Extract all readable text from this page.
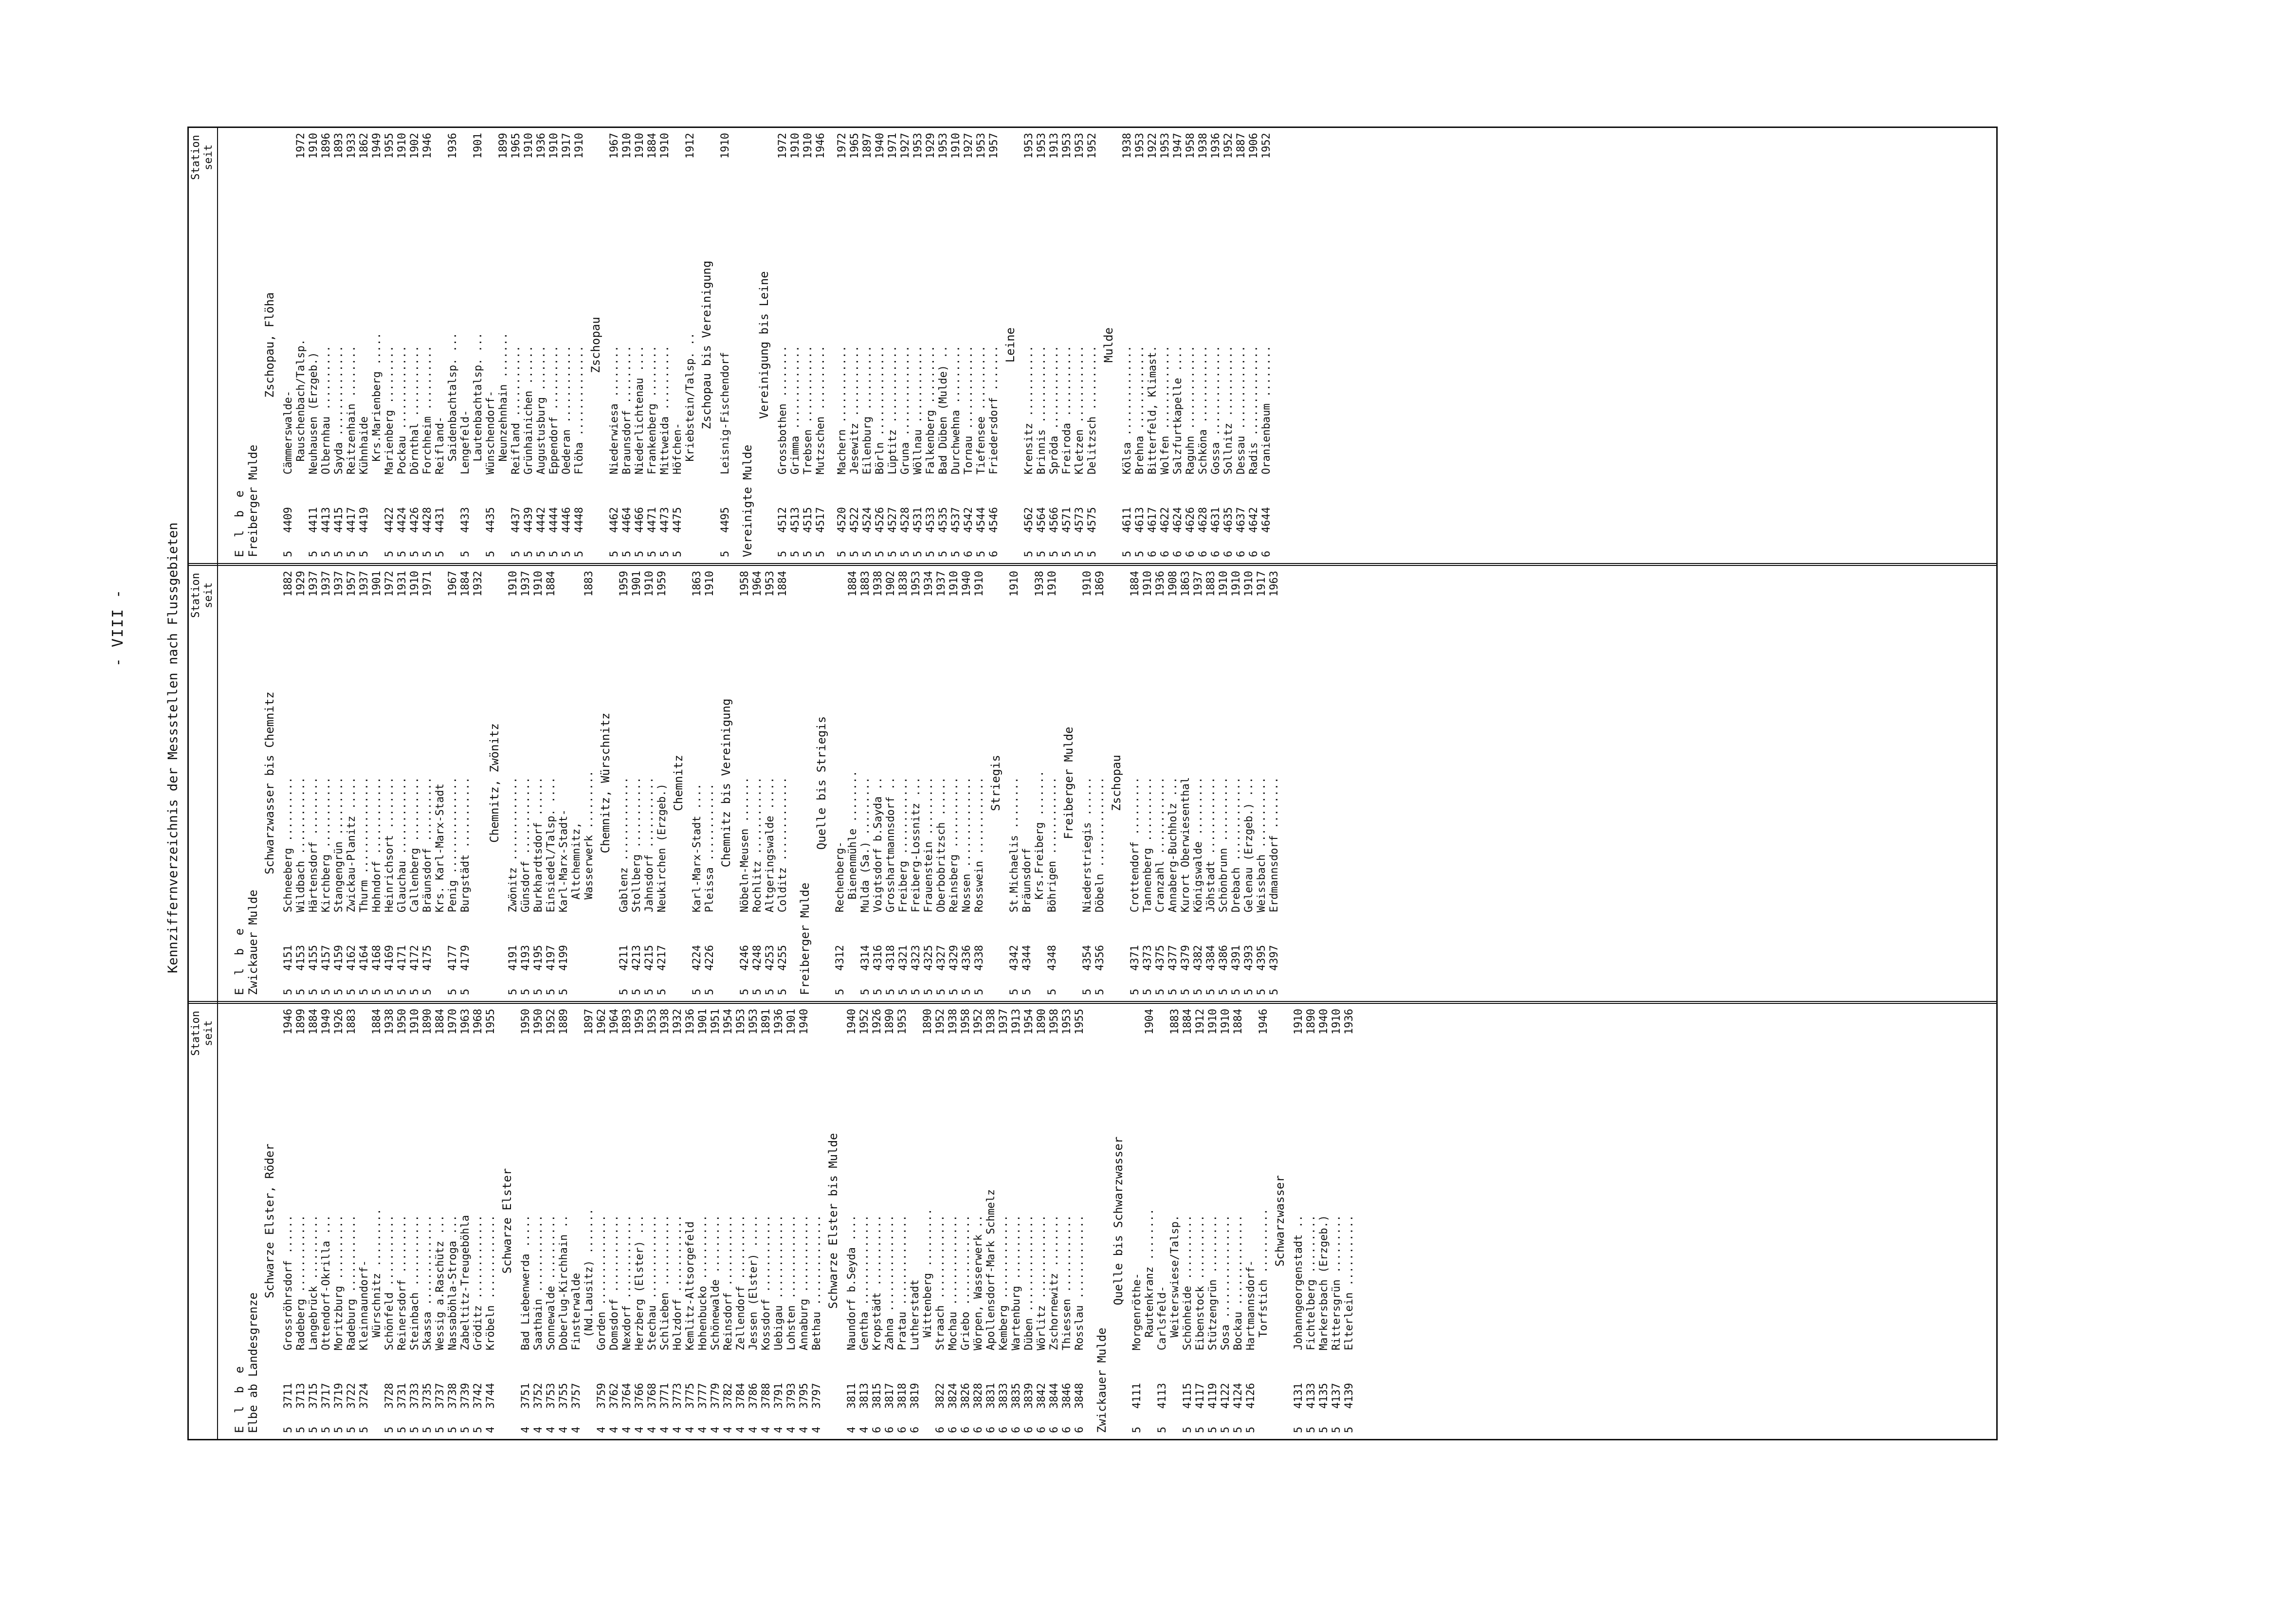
- VIII -	Kennziffernverzeichnis der Messstellen nach Flussgebieten
Station
seit
Station
seit
Station
seit
E l b e Elbe ab Landesgrenze
Schwarze Elster, Röder
5
3711
Grossröhrsdorf ......
1946
5
3713
Radeberg ............
1899
5
3715
Langebrück ..........
1884
5
3717
Ottendorf-Okrilla ...
1949
5
3719
Moritzburg ..........
1926
5
3722
Radeburg ............
1883
5
3724
Kleinnaundorf- Würschnitz .........
1884
5
3728
Schönfeld ...........
1938
5
3731
Reinersdorf .........
1950
5
3733
Steinbach ...........
1910
5
3735
Skassa ..............
1890
5
3737
Wessig a.Raschütz ...
1884
5
3738
Nassaböhla-Stroga ...
1970
5
3739
Zabeltitz-Treugeböhla
1963
5
3742
Gröditz .............
1968
4
3744
Kröbeln .............
1955
Schwarze Elster
4
3751
Bad Liebenwerda .....
1950
4
3752
Saathain ............
1950
4
3753
Sonnewalde ..........
1952
4
3755
Doberlug-Kirchhain ..
1889
4
3757
Finsterwalde (Nd.Lausitz) .......
1897
4
3759
Gorden ..............
1962
4
3762
Domsdorf ............
1964
4
3764
Nexdorf .............
1893
4
3766
Herzberg (Elster) ...
1959
4
3768
Stechau .............
1953
4
3771
Schlieben ...........
1938
4
3773
Holzdorf ............
1932
4
3775
Kemlitz-Altsorgefeld
1936
4
3777
Hohenbucko ..........
1901
4
3779
Schönewalde .........
1951
4
3782
Reinsdorf ...........
1954
4
3784
Zellendorf ..........
1953
4
3786
Jessen (Elster) .....
1953
4
3788
Kossdorf ............
1891
4
3791
Uebigau .............
1936
4
3793
Lohsten .............
1901
4
3795
Annaburg ............
1940
4
3797
Bethau .............. Schwarze Elster bis Mulde
4
3811
Naundorf b.Seyda ....
1940
4
3813
Gentha ..............
1952
6
3815
Kropstädt ...........
1926
6
3817
Zahna ...............
1890
6
3818
Pratau ..............
1953
6
3819
Lutherstadt Wittenberg .........
1890
6
3822
Straach .............
1952
6
3824
Mochau ..............
1938
6
3826
Griebo ..............
1958
6
3828
Wörpen, Wasserwerk ..
1952
6
3831
Apollensdorf-Mark Schmelz
1938
6
3833
Kemberg .............
1937
6
3835
Wartenburg ..........
1913
6
3839
Düben ...............
1954
6
3842
Wörlitz .............
1890
6
3844
Zschornewitz ........
1958
6
3846
Thiessen ............
1953
6
3848
Rosslau .............
1955
Zwickauer Mulde
Quelle bis Schwarzwasser
5
4111
Morgenröthe- Rautenkranz ........
1904
5
4113
Carlsfeld- Weiterswiese/Talsp.
1883
5
4115
Schönheide ..........
1884
5
4117
Eibenstock ..........
1912
5
4119
Stützengrün .........
1910
5
4122
Sosa ................
1910
5
4124
Bockau ..............
1884
5
4126
Hartmannsdorf- Torfstich ..........
1946
Schwarzwasser
5
4131
Johanngeorgenstadt ..
1910
5
4133
Fichtelberg .........
1890
5
4135
Markersbach (Erzgeb.)
1940
5
4137
Rittersgrün .........
1910
5
4139
Elterlein ...........
1936
E l b e Zwickauer Mulde
Schwarzwasser bis Chemnitz
5
4151
Schneeberg ..........
1882
5
4153
Wildbach ............
1929
5
4155
Härtensdorf .........
1937
5
4157
Kirchberg ...........
1937
5
4159
Stangengrün .........
1937
5
4162
Zwickau-Planitz .....
1957
5
4164
Thurm ...............
1937
5
4168
Hohndorf ............
1901
5
4169
Heinrichsort ........
1972
5
4171
Glauchau ............
1931
5
4172
Callenberg ..........
1910
5
4175
Bräunsdorf ..........
1971
Krs. Karl-Marx-Stadt
5
4177
Penig ...............
1967
5
4179
Burgstädt ...........
1884 1932
Chemnitz, Zwönitz
5
4191
Zwönitz .............
1910
5
4193
Günsdorf ............
1937
5
4195
Burkhardtsdorf ......
1910
5
4197
Einsiedel/Talsp. ....
1884
5
4199
Karl-Marx-Stadt- Altchemnitz, Wasserwerk .........
1883
Chemnitz, Würschnitz
5
4211
Gablenz .............
1959
5
4213
Stollberg ...........
1901
5
4215
Jahnsdorf ...........
1910
5
4217
Neukirchen (Erzgeb.)
1959
Chemnitz
5
4224
Karl-Marx-Stadt ....
1863
5
4226
Pleissa ............
1910
Chemnitz bis Vereinigung
5
4246
Nöbeln-Meusen .......
1958
5
4248
Rochlitz ............
1964
5
4253
Altgeringswalde .....
1953
5
4255
Colditz .............
1884
Freiberger Mulde
Quelle bis Striegis
5
4312
Rechenberg- Bienenmühle ........
1884
5
4314
Mulda (Sa.) .........
1883
5
4316
Voigtsdorf b.Sayda ..
1938
5
4318
Grosshartmannsdorf ..
1902
5
4321
Freiberg ............
1838
5
4323
Freiberg-Lossnitz ...
1953
5
4325
Frauenstein .........
1934
5
4327
Oberbobritzsch ......
1937
5
4329
Reinsberg ...........
1910
5
4336
Nossen ..............
1940
5
4338
Rosswein ............
1910
Striegis
5
4342
St.Michaelis ........
1910
5
4344
Bräunsdorf Krs.Freiberg .......
1938
5
4348
Böhrigen ............
1910
Freiberger Mulde
5
4354
Niederstriegis ......
1910
5
4356
Döbeln ..............
1869
Zschopau
5
4371
Crottendorf .........
1884
5
4373
Tannenberg ..........
1910
5
4375
Cranzahl ............
1936
5
4377
Annaberg-Buchholz ...
1908
5
4379
Kurort Oberwiesenthal
1863
5
4382
Königswalde .........
1937
5
4384
Jöhstadt ............
1883
5
4386
Schönbrunn ..........
1910
5
4391
Drebach .............
1910
5
4393
Gelenau (Erzgeb.) ...
1910
5
4395
Weissbach ...........
1917
5
4397
Erdmannsdorf ........
1963
E l b e Freiberger Mulde
Zschopau, Flöha
5
4409
Cämmerswalde- Rauschenbach/Talsp.
1972
5
4411
Neuhausen (Erzgeb.)
1910
5
4413
Olbernhau ..........
1896
5
4415
Sayda ..............
1893
5
4417
Reitzenhain ........
1933
5
4419
Kühnhaide
1862
Krs.Marienberg .....
1949
5
4422
Marienberg .........
1955
5
4424
Pockau .............
1910
5
4426
Dörnthal ...........
1902
5
4428
Forchheim ..........
1946
5
4431
Reifland- Saidenbachtalsp. ...
1936
5
4433
Lengefeld- Lautenbachtalsp. ...
1901
5
4435
Wünschendorf- Neunzehnhain .......
1899
5
4437
Reifland ...........
1965
5
4439
Grünhainichen ......
1910
5
4442
Augustusburg .......
1936
5
4444
Eppendorf ..........
1910
5
4446
Oederan ............
1917
5
4448
Flöha ..............
1910
Zschopau
5
4462
Niederwiesa ........
1967
5
4464
Braunsdorf .........
1910
5
4466
Niederlichtenau ....
1910
5
4471
Frankenberg ........
1884
5
4473
Mittweida ..........
1910
5
4475
Höfchen- Kriebstein/Talsp. ..
1912
Zschopau bis Vereinigung
5
4495
Leisnig-Fischendorf
1910
Vereinigte Mulde
Vereinigung bis Leine
5
4512
Grossbothen ........
1972
5
4513
Grimma .............
1910
5
4515
Trebsen ............
1910
5
4517
Mutzschen ..........
1946
5
4520
Machern ............
1972
5
4522
Jesewitz ...........
1965
5
4524
Eilenburg ..........
1897
5
4526
Börln ..............
1940
5
4527
Lüptitz ............
1971
5
4528
Gruna ..............
1927
5
4531
Wöllnau ............
1953
5
4533
Falkenberg .........
1929
5
4535
Bad Düben (Mulde) ..
1953
5
4537
Durchwehna .........
1910
6
4542
Tornau .............
1927
5
4544
Tiefensee ..........
1953
6
4546
Friedersdorf .......
1957
Leine
5
4562
Krensitz ...........
1953
5
4564
Brinnis ............
1953
5
4566
Sprõda .............
1913
5
4571
Freiroda ...........
1953
5
4573
Kletzen ............
1953
5
4575
Delitzsch ..........
1952
Mulde
5
4611
Kölsa ..............
1938
5
4613
Brehna .............
1953
6
4617
Bitterfeld, Klimast.
1922
6
4622
Wolfen .............
1953
6
4624
Salzfurtkapelle ....
1947
6
4626
Raguhn .............
1958
6
4628
Schköna ............
1938
6
4631
Gossa ..............
1936
6
4635
Sollnitz ...........
1952
6
4637
Dessau .............
1887
6
4642
Radis ..............
1906
6
4644
Oranienbaum ........
1952
